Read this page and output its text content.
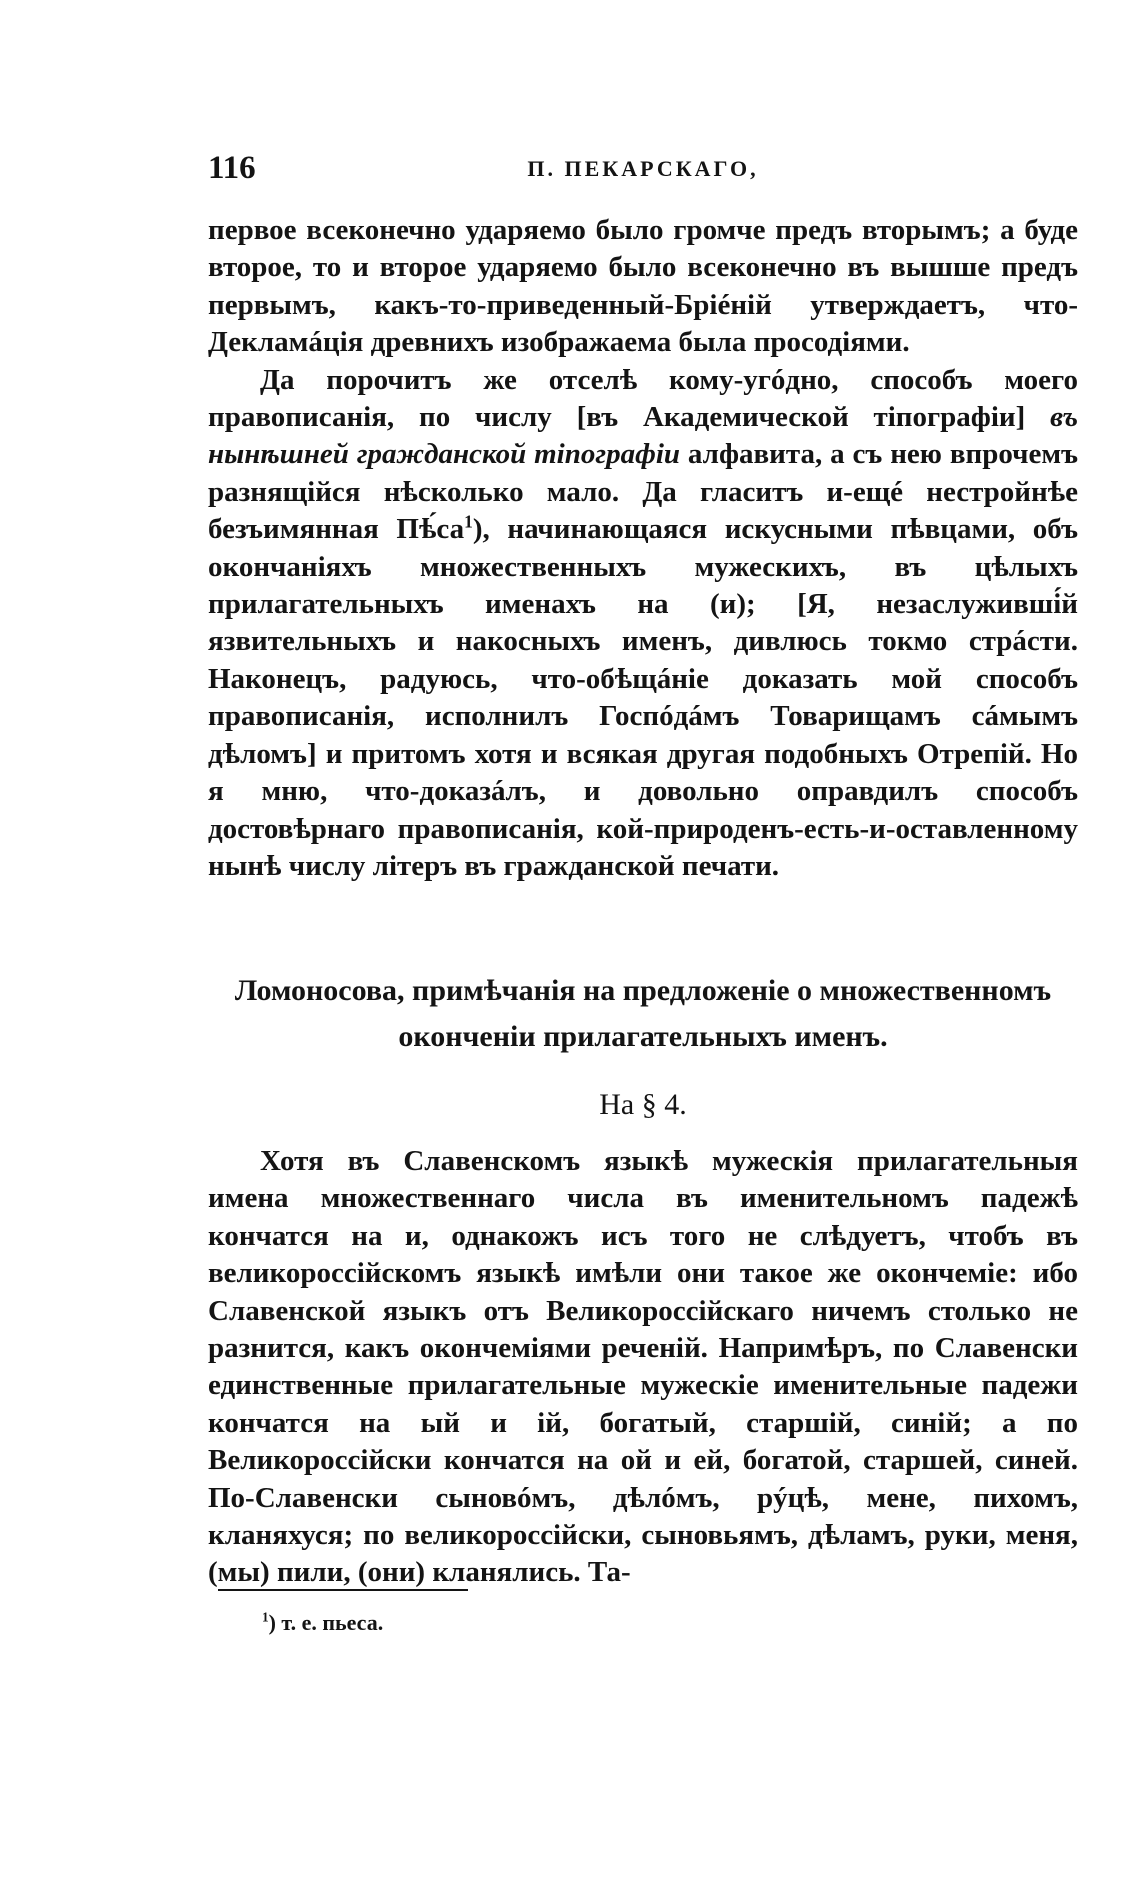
116	П. ПЕКАРСКАГО,

первое всеконечно ударяемо было громче предъ вторымъ; а буде второе, то и второе ударяемо было всеконечно въ вышше предъ первымъ, какъ-то-приведенный-Бріéній утверждаетъ, что-Декламáція древнихъ изображаема была просодіями.

Да порочитъ же отселѣ кому-угóдно, способъ моего правописанія, по числу [въ Академической тіпографіи] въ нынѣшней гражданской тіпографіи алфавита, а съ нею впрочемъ разнящійся нѣсколько мало. Да гласитъ и-ещé нестройнѣе безъимянная $Пѣ́са^1$), начинающаяся искусными пѣвцами, объ окончаніяхъ множественныхъ мужескихъ, въ цѣлыхъ прилагательныхъ именахъ на (и); [Я, незаслуживші́й язвительныхъ и накосныхъ именъ, дивлюсь токмо стрáсти. Наконецъ, радуюсь, что-обѣщáніе доказать мой способъ правописанія, исполнилъ Госпóдáмъ Товарищамъ сáмымъ дѣломъ] и притомъ хотя и всякая другая подобныхъ Отрепій. Но я мню, что-доказáлъ, и довольно оправдилъ способъ достовѣрнаго правописанія, кой-природенъ-есть-и-оставленному нынѣ числу літеръ въ гражданской печати.

Ломоносова, примѣчанія на предложеніе о множественномъ
окончeніи прилагательныхъ именъ.
На § 4.

Хотя въ Славенскомъ языкѣ мужескія прилагательныя имена множественнаго числа въ именительномъ падежѣ кончатся на и, однакожъ исъ того не слѣдуетъ, чтобъ въ великороссійскомъ языкѣ имѣли они такое же окончеміе: ибо Славенской языкъ отъ Великороссійскаго ничемъ столько не разнится, какъ окончеміями реченій. Напримѣръ, по Славенски единственные прилагательные мужескіе именительные падежи кончатся на ый и ій, богатый, старшій, синій; а по Великороссійски кончатся на ой и ей, богатой, старшей, синей. По-Славенски сыновóмъ, дѣлóмъ, рýцѣ, мене, пихомъ, кланяхуся; по великороссійски, сыновьямъ, дѣламъ, руки, меня, (мы) пили, (они) кланялись. Та-

$^1$) т. е. пьеса.
